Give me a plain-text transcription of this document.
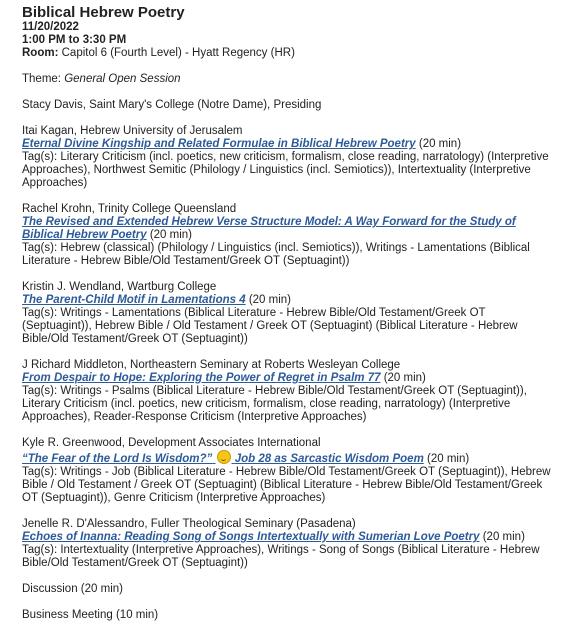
Biblical Hebrew Poetry
11/20/2022
1:00 PM to 3:30 PM
Room: Capitol 6 (Fourth Level) - Hyatt Regency (HR)
Theme: General Open Session
Stacy Davis, Saint Mary's College (Notre Dame), Presiding
Itai Kagan, Hebrew University of Jerusalem
Eternal Divine Kingship and Related Formulae in Biblical Hebrew Poetry (20 min)
Tag(s): Literary Criticism (incl. poetics, new criticism, formalism, close reading, narratology) (Interpretive Approaches), Northwest Semitic (Philology / Linguistics (incl. Semiotics)), Intertextuality (Interpretive Approaches)
Rachel Krohn, Trinity College Queensland
The Revised and Extended Hebrew Verse Structure Model: A Way Forward for the Study of Biblical Hebrew Poetry (20 min)
Tag(s): Hebrew (classical) (Philology / Linguistics (incl. Semiotics)), Writings - Lamentations (Biblical Literature - Hebrew Bible/Old Testament/Greek OT (Septuagint))
Kristin J. Wendland, Wartburg College
The Parent-Child Motif in Lamentations 4 (20 min)
Tag(s): Writings - Lamentations (Biblical Literature - Hebrew Bible/Old Testament/Greek OT (Septuagint)), Hebrew Bible / Old Testament / Greek OT (Septuagint) (Biblical Literature - Hebrew Bible/Old Testament/Greek OT (Septuagint))
J Richard Middleton, Northeastern Seminary at Roberts Wesleyan College
From Despair to Hope: Exploring the Power of Regret in Psalm 77 (20 min)
Tag(s): Writings - Psalms (Biblical Literature - Hebrew Bible/Old Testament/Greek OT (Septuagint)), Literary Criticism (incl. poetics, new criticism, formalism, close reading, narratology) (Interpretive Approaches), Reader-Response Criticism (Interpretive Approaches)
Kyle R. Greenwood, Development Associates International
“The Fear of the Lord Is Wisdom?” Job 28 as Sarcastic Wisdom Poem (20 min)
Tag(s): Writings - Job (Biblical Literature - Hebrew Bible/Old Testament/Greek OT (Septuagint)), Hebrew Bible / Old Testament / Greek OT (Septuagint) (Biblical Literature - Hebrew Bible/Old Testament/Greek OT (Septuagint)), Genre Criticism (Interpretive Approaches)
Jenelle R. D'Alessandro, Fuller Theological Seminary (Pasadena)
Echoes of Inanna: Reading Song of Songs Intertextually with Sumerian Love Poetry (20 min)
Tag(s): Intertextuality (Interpretive Approaches), Writings - Song of Songs (Biblical Literature - Hebrew Bible/Old Testament/Greek OT (Septuagint))
Discussion (20 min)
Business Meeting (10 min)
